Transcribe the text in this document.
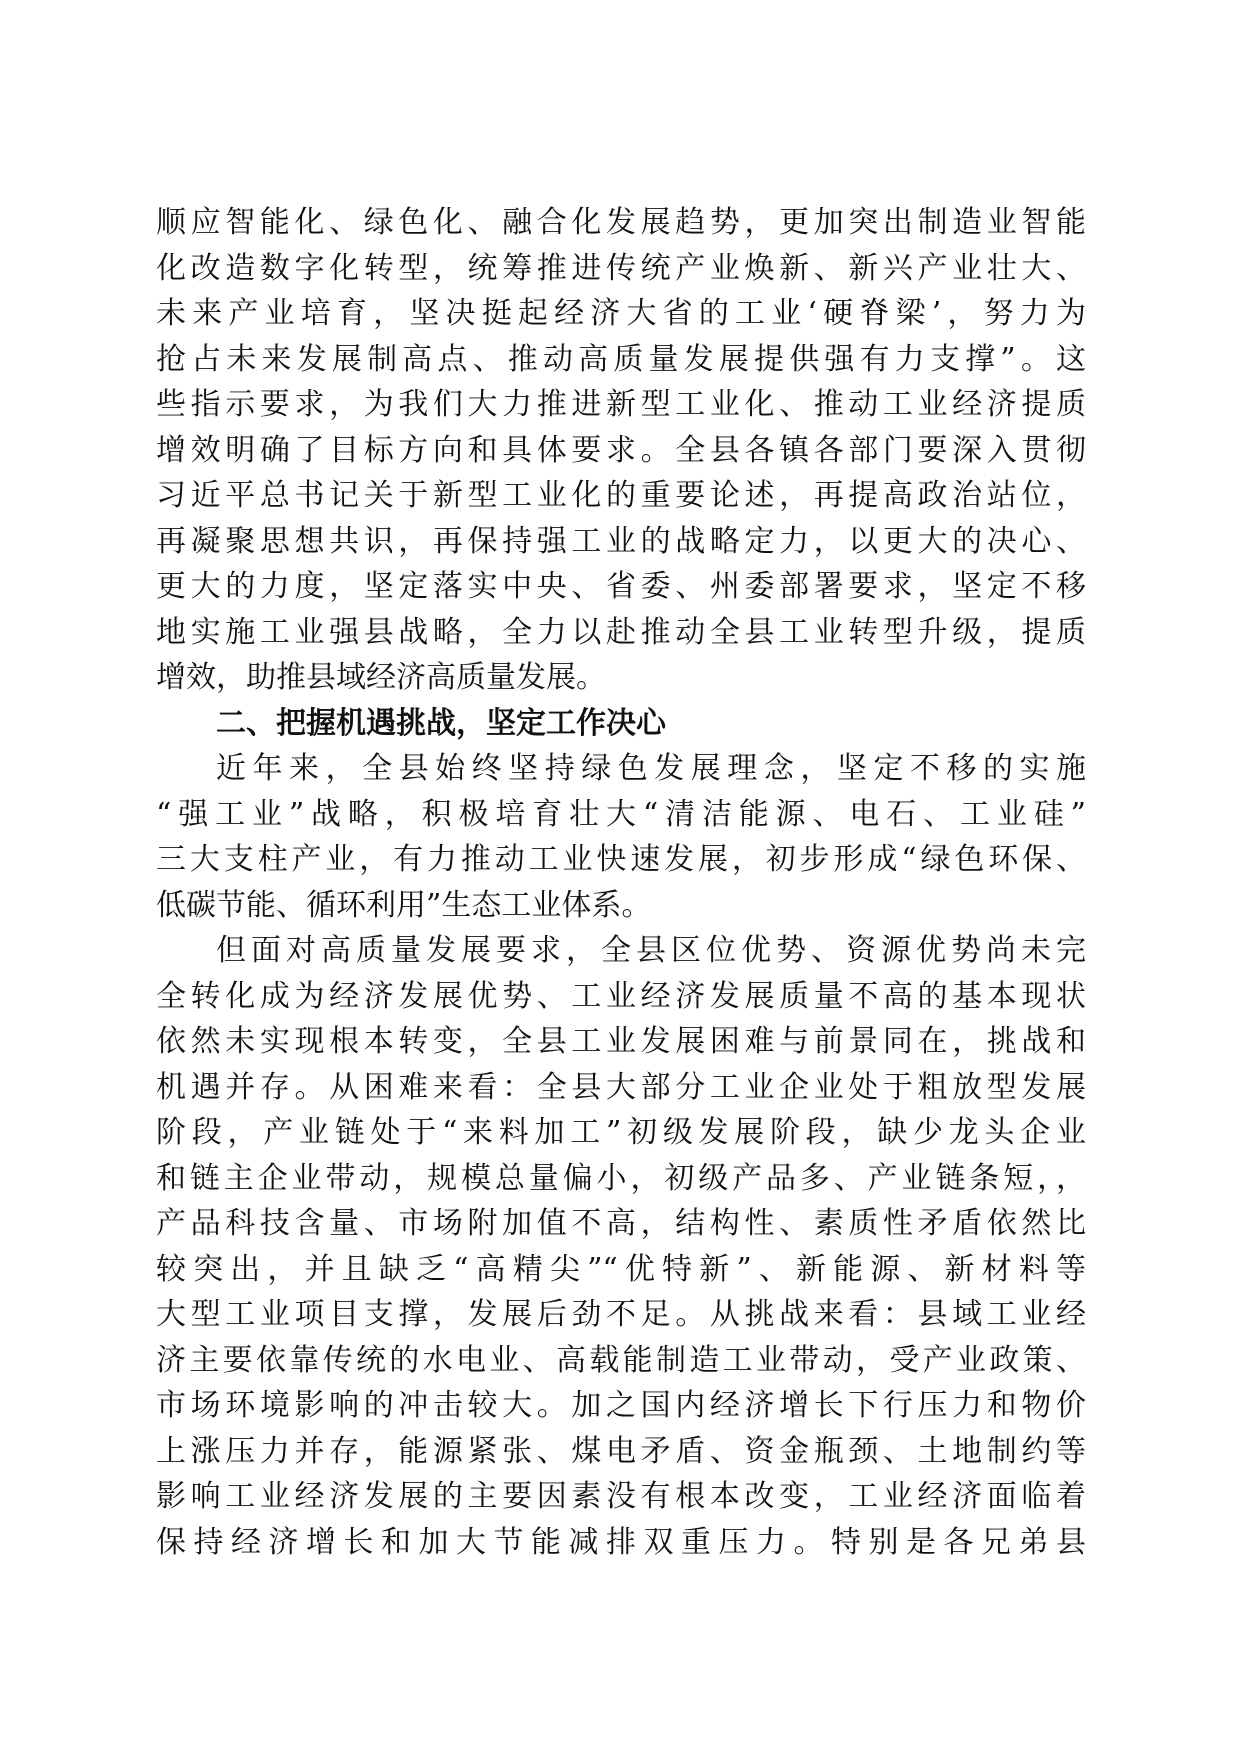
顺应智能化、绿色化、融合化发展趋势，更加突出制造业智能
化改造数字化转型，统筹推进传统产业焕新、新兴产业壮大、
未来产业培育，坚决挺起经济大省的工业‘硬脊梁’，努力为
抢占未来发展制高点、推动高质量发展提供强有力支撑”。这
些指示要求，为我们大力推进新型工业化、推动工业经济提质
增效明确了目标方向和具体要求。全县各镇各部门要深入贯彻
习近平总书记关于新型工业化的重要论述，再提高政治站位，
再凝聚思想共识，再保持强工业的战略定力，以更大的决心、
更大的力度，坚定落实中央、省委、州委部署要求，坚定不移
地实施工业强县战略，全力以赴推动全县工业转型升级，提质
增效，助推县域经济高质量发展。
二、把握机遇挑战，坚定工作决心
近年来，全县始终坚持绿色发展理念，坚定不移的实施
“强工业”战略，积极培育壮大“清洁能源、电石、工业硅”
三大支柱产业，有力推动工业快速发展，初步形成“绿色环保、
低碳节能、循环利用”生态工业体系。
但面对高质量发展要求，全县区位优势、资源优势尚未完
全转化成为经济发展优势、工业经济发展质量不高的基本现状
依然未实现根本转变，全县工业发展困难与前景同在，挑战和
机遇并存。从困难来看：全县大部分工业企业处于粗放型发展
阶段，产业链处于“来料加工”初级发展阶段，缺少龙头企业
和链主企业带动，规模总量偏小，初级产品多、产业链条短，，
产品科技含量、市场附加值不高，结构性、素质性矛盾依然比
较突出，并且缺乏“高精尖”“优特新”、新能源、新材料等
大型工业项目支撑，发展后劲不足。从挑战来看：县域工业经
济主要依靠传统的水电业、高载能制造工业带动，受产业政策、
市场环境影响的冲击较大。加之国内经济增长下行压力和物价
上涨压力并存，能源紧张、煤电矛盾、资金瓶颈、土地制约等
影响工业经济发展的主要因素没有根本改变，工业经济面临着
保持经济增长和加大节能减排双重压力。特别是各兄弟县
